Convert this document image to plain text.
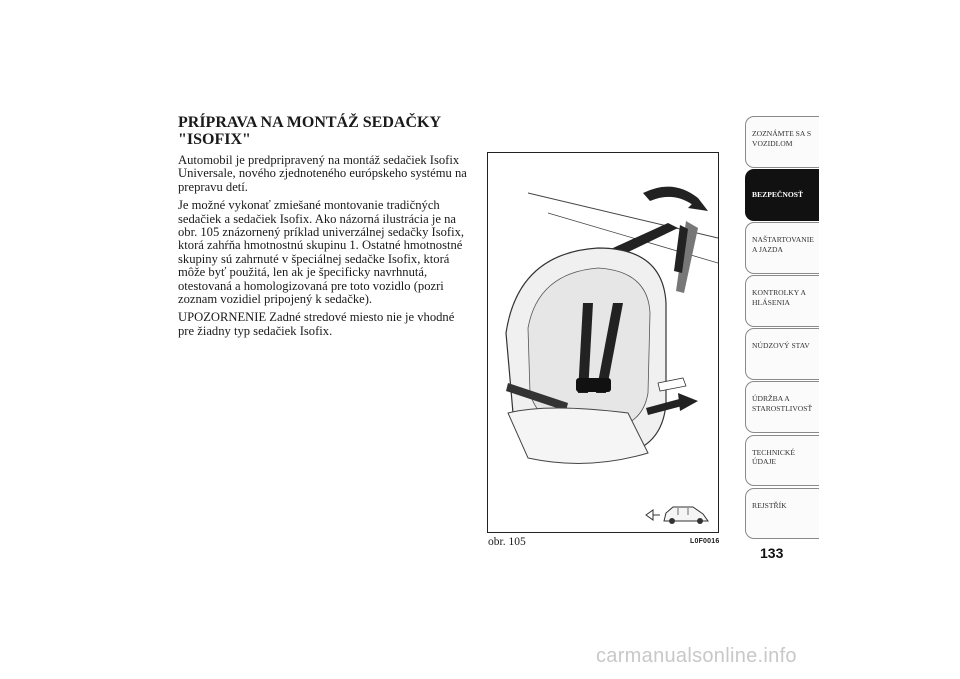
PRÍPRAVA NA MONTÁŽ SEDAČKY
"ISOFIX"

Automobil je predpripravený na montáž sedačiek Isofix Universale, nového zjednoteného európskeho systému na prepravu detí.

Je možné vykonať zmiešané montovanie tradičných sedačiek a sedačiek Isofix. Ako názorná ilustrácia je na obr. 105 znázornený príklad univerzálnej sedačky Isofix, ktorá zahŕňa hmotnostnú skupinu 1. Ostatné hmotnostné skupiny sú zahrnuté v špeciálnej sedačke Isofix, ktorá môže byť použitá, len ak je špecificky navrhnutá, otestovaná a homologizovaná pre toto vozidlo (pozri zoznam vozidiel pripojený k sedačke).

UPOZORNENIE Zadné stredové miesto nie je vhodné pre žiadny typ sedačiek Isofix.

obr. 105	L0F0016
ZOZNÁMTE SA S VOZIDLOM
BEZPEČNOSŤ
NAŠTARTOVANIE A JAZDA
KONTROLKY A HLÁSENIA
NÚDZOVÝ STAV
ÚDRŽBA A STAROSTLIVOSŤ
TECHNICKÉ ÚDAJE
REJSTŘÍK
133
carmanualsonline.info
